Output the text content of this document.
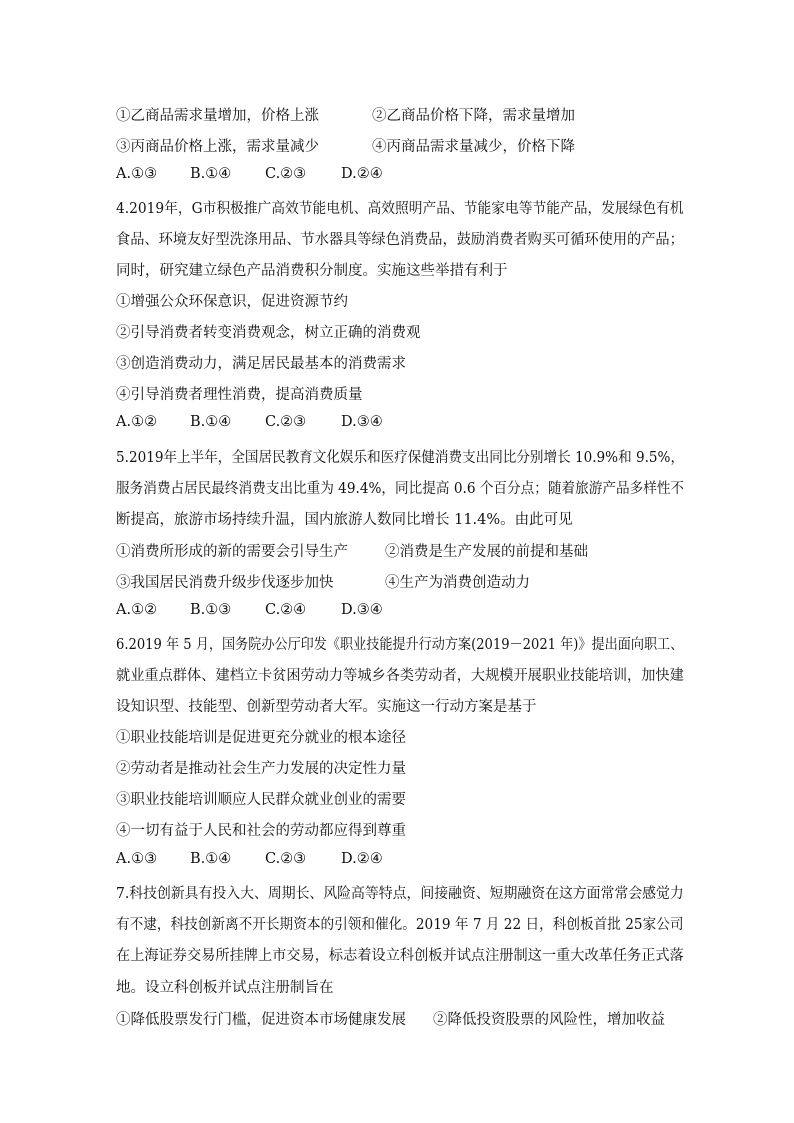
①乙商品需求量增加，价格上涨	②乙商品价格下降，需求量增加
③丙商品价格上涨，需求量减少	④丙商品需求量减少，价格下降
A.①③ B.①④ C.②③ D.②④
4.2019年，G市积极推广高效节能电机、高效照明产品、节能家电等节能产品，发展绿色有机
食品、环境友好型洗涤用品、节水器具等绿色消费品，鼓励消费者购买可循环使用的产品；
同时，研究建立绿色产品消费积分制度。实施这些举措有利于
①增强公众环保意识，促进资源节约
②引导消费者转变消费观念，树立正确的消费观
③创造消费动力，满足居民最基本的消费需求
④引导消费者理性消费，提高消费质量
A.①② B.①④ C.②③ D.③④
5.2019年上半年，全国居民教育文化娱乐和医疗保健消费支出同比分别增长 10.9%和 9.5%，
服务消费占居民最终消费支出比重为 49.4%，同比提高 0.6 个百分点；随着旅游产品多样性不
断提高，旅游市场持续升温，国内旅游人数同比增长 11.4%。由此可见
①消费所形成的新的需要会引导生产	②消费是生产发展的前提和基础
③我国居民消费升级步伐逐步加快	④生产为消费创造动力
A.①② B.①③ C.②④ D.③④
6.2019 年 5 月，国务院办公厅印发《职业技能提升行动方案(2019－2021 年)》提出面向职工、
就业重点群体、建档立卡贫困劳动力等城乡各类劳动者，大规模开展职业技能培训，加快建
设知识型、技能型、创新型劳动者大军。实施这一行动方案是基于
①职业技能培训是促进更充分就业的根本途径
②劳动者是推动社会生产力发展的决定性力量
③职业技能培训顺应人民群众就业创业的需要
④一切有益于人民和社会的劳动都应得到尊重
A.①③ B.①④ C.②③ D.②④
7.科技创新具有投入大、周期长、风险高等特点，间接融资、短期融资在这方面常常会感觉力
有不逮，科技创新离不开长期资本的引领和催化。2019 年 7 月 22 日，科创板首批 25家公司
在上海证券交易所挂牌上市交易，标志着设立科创板并试点注册制这一重大改革任务正式落
地。设立科创板并试点注册制旨在
①降低股票发行门槛，促进资本市场健康发展 ②降低投资股票的风险性，增加收益
